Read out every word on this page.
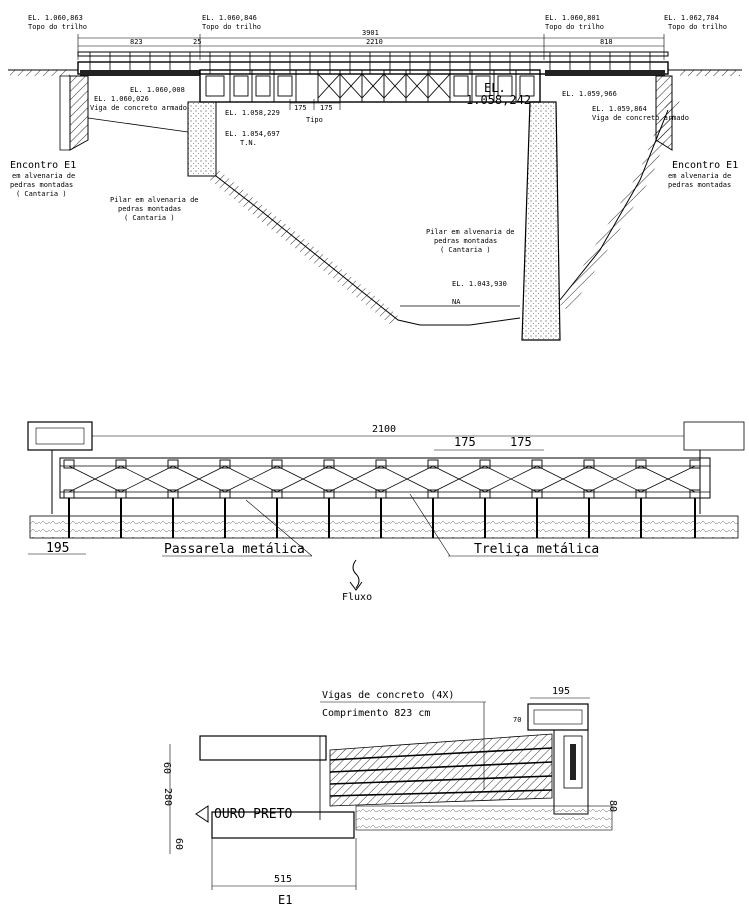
EL. 1.060,863
Topo do trilho
EL. 1.060,846
Topo do trilho
EL. 1.060,801
Topo do trilho
EL. 1.062,784
Topo do trilho
3901
823	25	2210	818
EL. 1.060,008
EL. 1.060,026
Viga de concreto armado
EL. 1.058,229
EL. 1.054,697
T.N.
EL.
1.058,242	EL. 1.059,966
EL. 1.059,864
Viga de concreto armado
EL. 1.043,930
NA
175 175
Tipo
Encontro E1
em alvenaria de
pedras montadas
( Cantaria )
Encontro E1
em alvenaria de
pedras montadas
Pilar em alvenaria de
pedras montadas
( Cantaria )
Pilar em alvenaria de
pedras montadas
( Cantaria )
2100
175	175
195	Passarela metálica	Treliça metálica
Fluxo
Vigas de concreto (4X)
Comprimento 823 cm
195
70
60
280
60
80
OURO PRETO
515
E1
